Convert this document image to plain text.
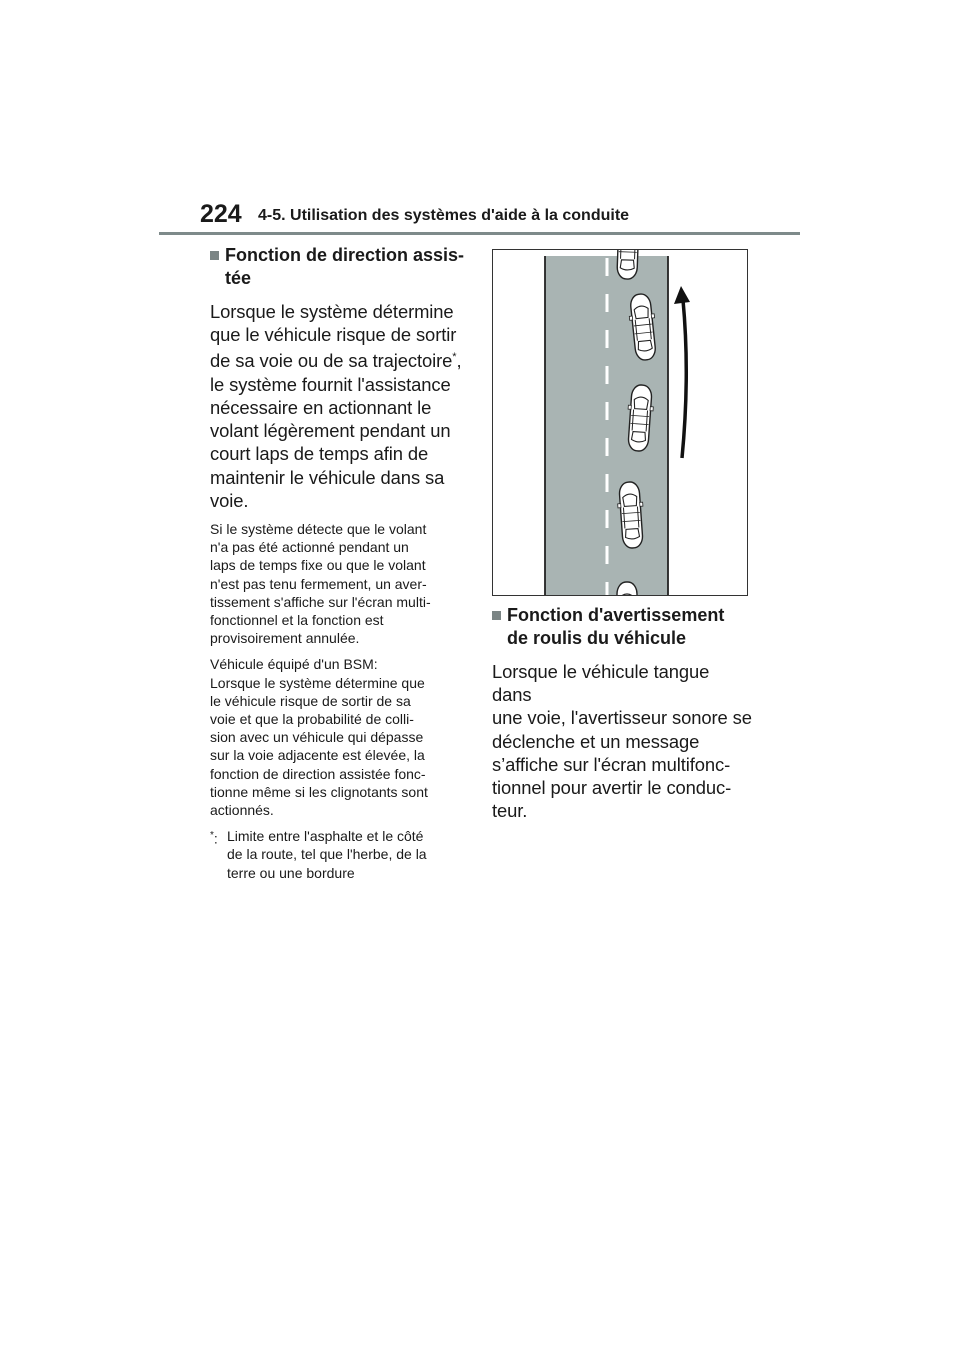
224 4-5. Utilisation des systèmes d'aide à la conduite
Fonction de direction assis-
tée
Lorsque le système détermine
que le véhicule risque de sortir
de sa voie ou de sa trajectoire*,
le système fournit l'assistance
nécessaire en actionnant le
volant légèrement pendant un
court laps de temps afin de
maintenir le véhicule dans sa
voie.
Si le système détecte que le volant
n'a pas été actionné pendant un
laps de temps fixe ou que le volant
n'est pas tenu fermement, un aver-
tissement s'affiche sur l'écran multi-
fonctionnel et la fonction est
provisoirement annulée.
Véhicule équipé d'un BSM:
Lorsque le système détermine que
le véhicule risque de sortir de sa
voie et que la probabilité de colli-
sion avec un véhicule qui dépasse
sur la voie adjacente est élevée, la
fonction de direction assistée fonc-
tionne même si les clignotants sont
actionnés.
*: Limite entre l'asphalte et le côté
de la route, tel que l'herbe, de la
terre ou une bordure
Fonction d'avertissement
de roulis du véhicule
Lorsque le véhicule tangue dans
une voie, l'avertisseur sonore se
déclenche et un message
s’affiche sur l'écran multifonc-
tionnel pour avertir le conduc-
teur.
